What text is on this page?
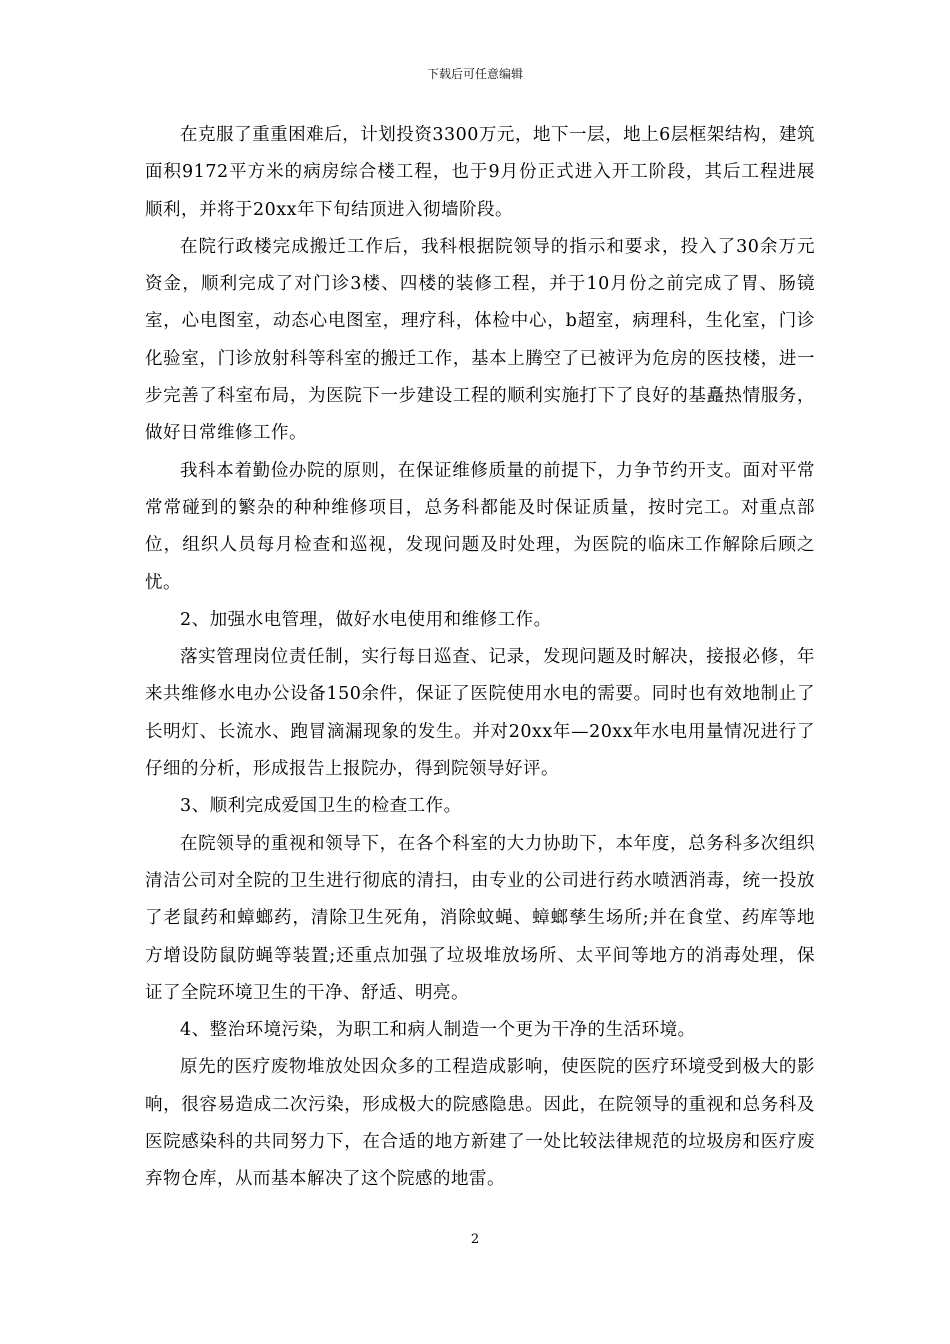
下载后可任意编辑

在克服了重重困难后，计划投资3300万元，地下一层，地上6层框架结构，建筑面积9172平方米的病房综合楼工程，也于9月份正式进入开工阶段，其后工程进展顺利，并将于20xx年下旬结顶进入彻墙阶段。

在院行政楼完成搬迁工作后，我科根据院领导的指示和要求，投入了30余万元资金，顺利完成了对门诊3楼、四楼的装修工程，并于10月份之前完成了胃、肠镜室，心电图室，动态心电图室，理疗科，体检中心，b超室，病理科，生化室，门诊化验室，门诊放射科等科室的搬迁工作，基本上腾空了已被评为危房的医技楼，进一步完善了科室布局，为医院下一步建设工程的顺利实施打下了良好的基矗热情服务，做好日常维修工作。

我科本着勤俭办院的原则，在保证维修质量的前提下，力争节约开支。面对平常常常碰到的繁杂的种种维修项目，总务科都能及时保证质量，按时完工。对重点部位，组织人员每月检查和巡视，发现问题及时处理，为医院的临床工作解除后顾之忧。

2、加强水电管理，做好水电使用和维修工作。

落实管理岗位责任制，实行每日巡查、记录，发现问题及时解决，接报必修，年来共维修水电办公设备150余件，保证了医院使用水电的需要。同时也有效地制止了长明灯、长流水、跑冒滴漏现象的发生。并对20xx年—20xx年水电用量情况进行了仔细的分析，形成报告上报院办，得到院领导好评。

3、顺利完成爱国卫生的检查工作。

在院领导的重视和领导下，在各个科室的大力协助下，本年度，总务科多次组织清洁公司对全院的卫生进行彻底的清扫，由专业的公司进行药水喷洒消毒，统一投放了老鼠药和蟑螂药，清除卫生死角，消除蚊蝇、蟑螂孳生场所;并在食堂、药库等地方增设防鼠防蝇等装置;还重点加强了垃圾堆放场所、太平间等地方的消毒处理，保证了全院环境卫生的干净、舒适、明亮。

4、整治环境污染，为职工和病人制造一个更为干净的生活环境。

原先的医疗废物堆放处因众多的工程造成影响，使医院的医疗环境受到极大的影响，很容易造成二次污染，形成极大的院感隐患。因此，在院领导的重视和总务科及医院感染科的共同努力下，在合适的地方新建了一处比较法律规范的垃圾房和医疗废弃物仓库，从而基本解决了这个院感的地雷。

2
